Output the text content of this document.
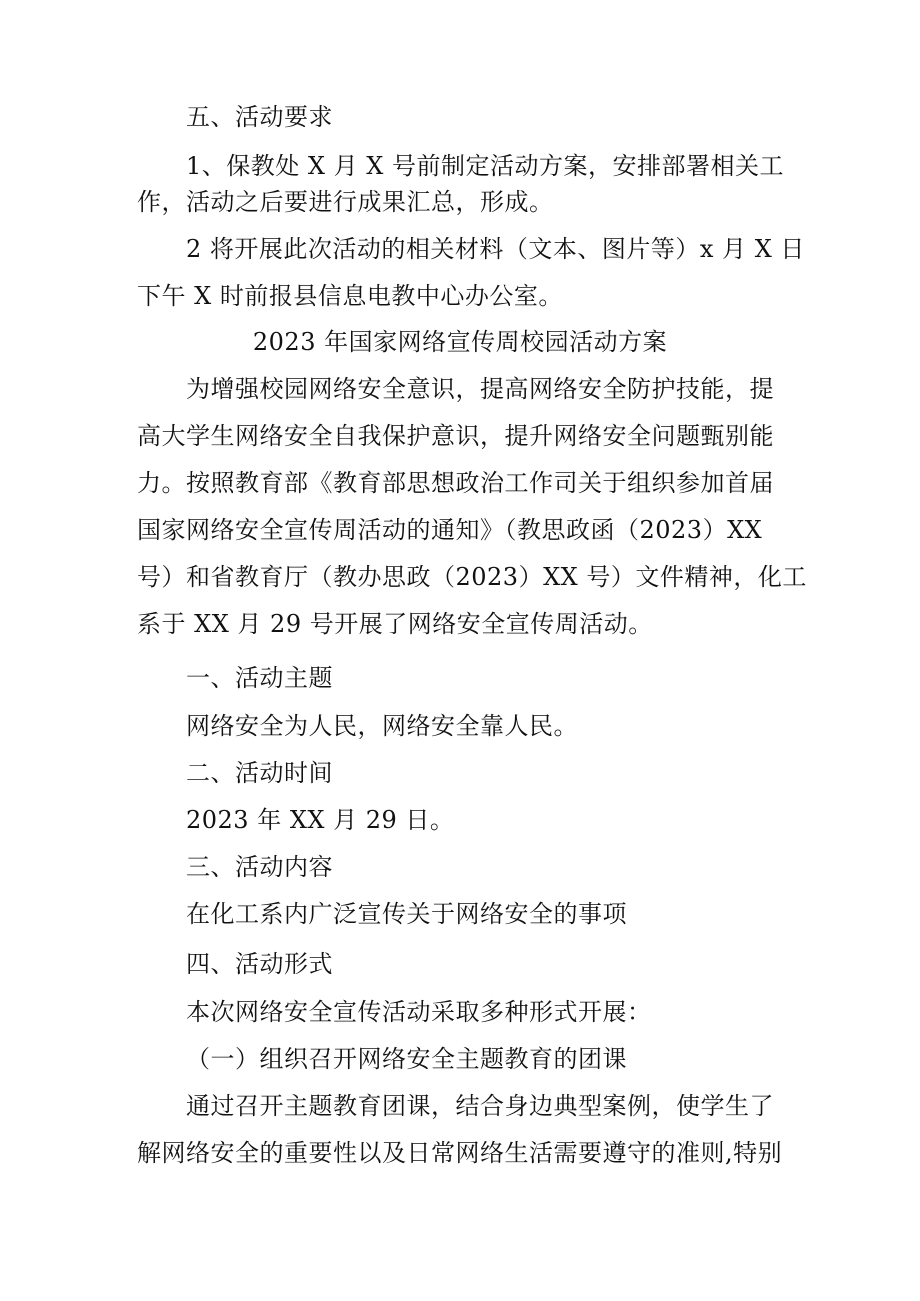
五、活动要求

1、保教处 X 月 X 号前制定活动方案，安排部署相关工

作，活动之后要进行成果汇总，形成。

2 将开展此次活动的相关材料（文本、图片等）x 月 X 日

下午 X 时前报县信息电教中心办公室。

2023 年国家网络宣传周校园活动方案

为增强校园网络安全意识，提高网络安全防护技能，提

高大学生网络安全自我保护意识，提升网络安全问题甄别能

力。按照教育部《教育部思想政治工作司关于组织参加首届

国家网络安全宣传周活动的通知》（教思政函（2023）XX

号）和省教育厅（教办思政（2023）XX 号）文件精神，化工

系于 XX 月 29 号开展了网络安全宣传周活动。

一、活动主题

网络安全为人民，网络安全靠人民。

二、活动时间

2023 年 XX 月 29 日。

三、活动内容

在化工系内广泛宣传关于网络安全的事项

四、活动形式

本次网络安全宣传活动采取多种形式开展：

（一）组织召开网络安全主题教育的团课

通过召开主题教育团课，结合身边典型案例，使学生了

解网络安全的重要性以及日常网络生活需要遵守的准则,特别
